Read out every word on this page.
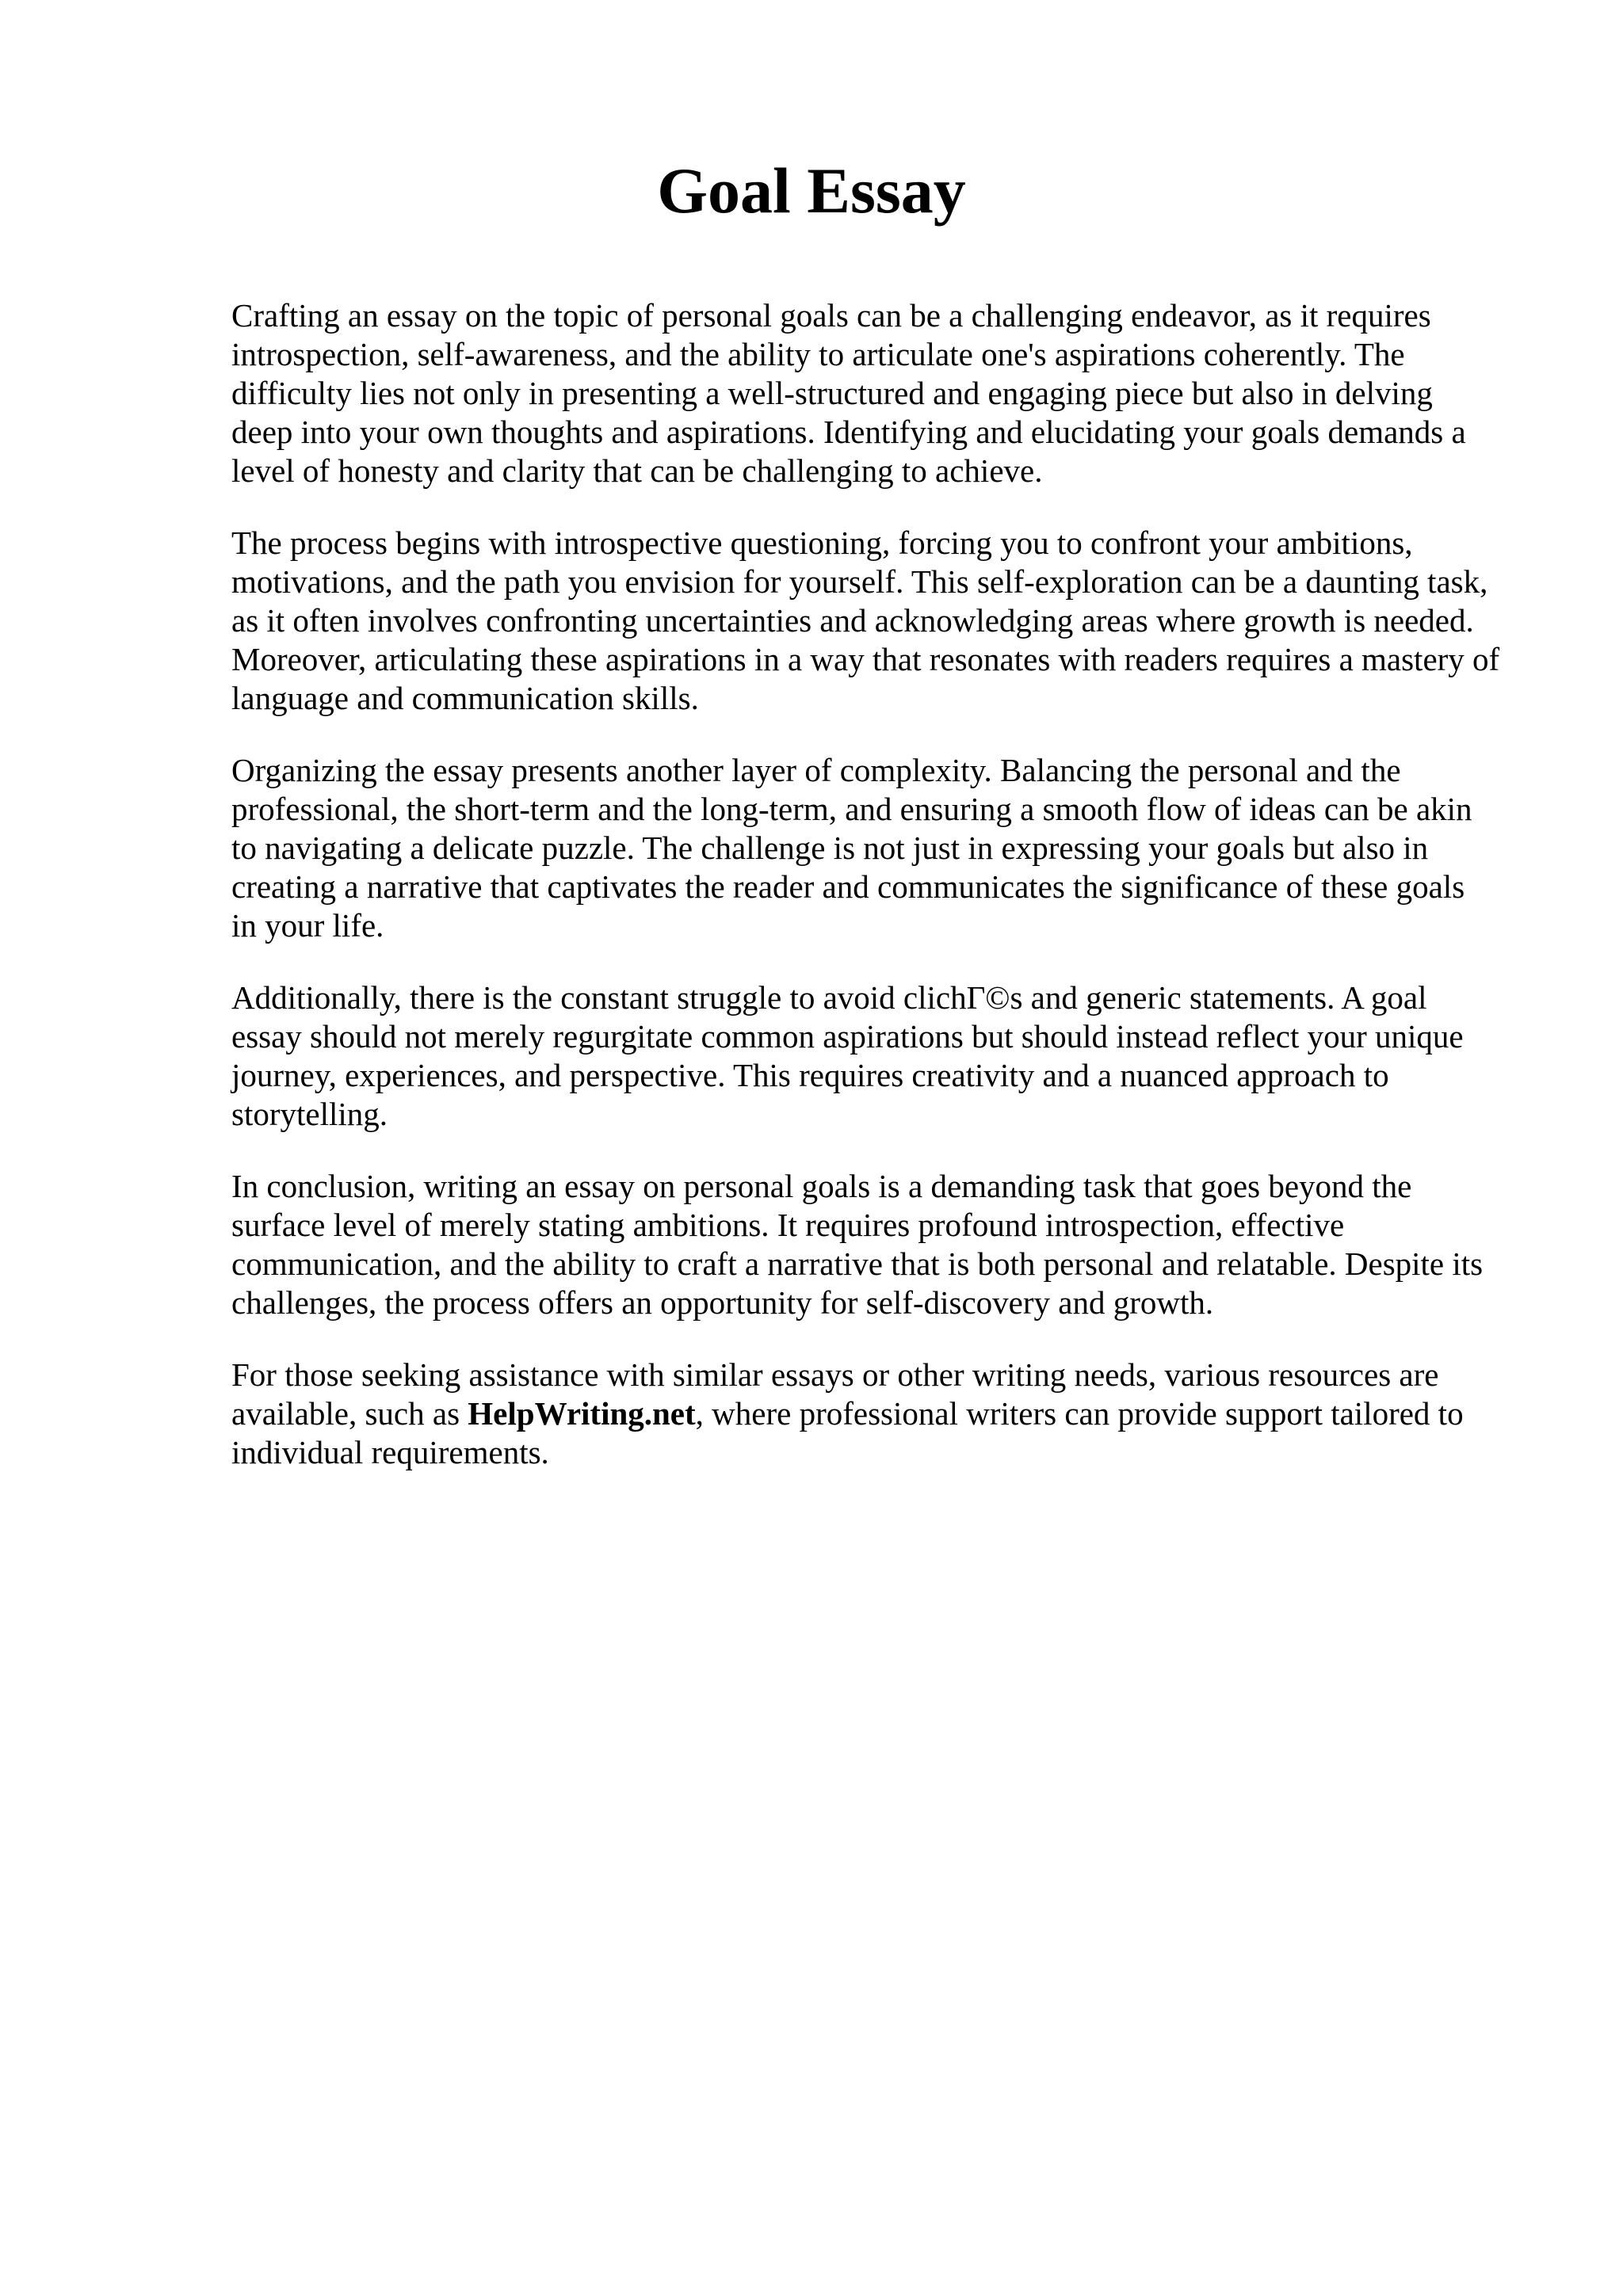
Goal Essay

Crafting an essay on the topic of personal goals can be a challenging endeavor, as it requires
introspection, self-awareness, and the ability to articulate one's aspirations coherently. The
difficulty lies not only in presenting a well-structured and engaging piece but also in delving
deep into your own thoughts and aspirations. Identifying and elucidating your goals demands a
level of honesty and clarity that can be challenging to achieve.

The process begins with introspective questioning, forcing you to confront your ambitions,
motivations, and the path you envision for yourself. This self-exploration can be a daunting task,
as it often involves confronting uncertainties and acknowledging areas where growth is needed.
Moreover, articulating these aspirations in a way that resonates with readers requires a mastery of
language and communication skills.

Organizing the essay presents another layer of complexity. Balancing the personal and the
professional, the short-term and the long-term, and ensuring a smooth flow of ideas can be akin
to navigating a delicate puzzle. The challenge is not just in expressing your goals but also in
creating a narrative that captivates the reader and communicates the significance of these goals
in your life.

Additionally, there is the constant struggle to avoid clichΓ©s and generic statements. A goal
essay should not merely regurgitate common aspirations but should instead reflect your unique
journey, experiences, and perspective. This requires creativity and a nuanced approach to
storytelling.

In conclusion, writing an essay on personal goals is a demanding task that goes beyond the
surface level of merely stating ambitions. It requires profound introspection, effective
communication, and the ability to craft a narrative that is both personal and relatable. Despite its
challenges, the process offers an opportunity for self-discovery and growth.

For those seeking assistance with similar essays or other writing needs, various resources are
available, such as HelpWriting.net, where professional writers can provide support tailored to
individual requirements.
